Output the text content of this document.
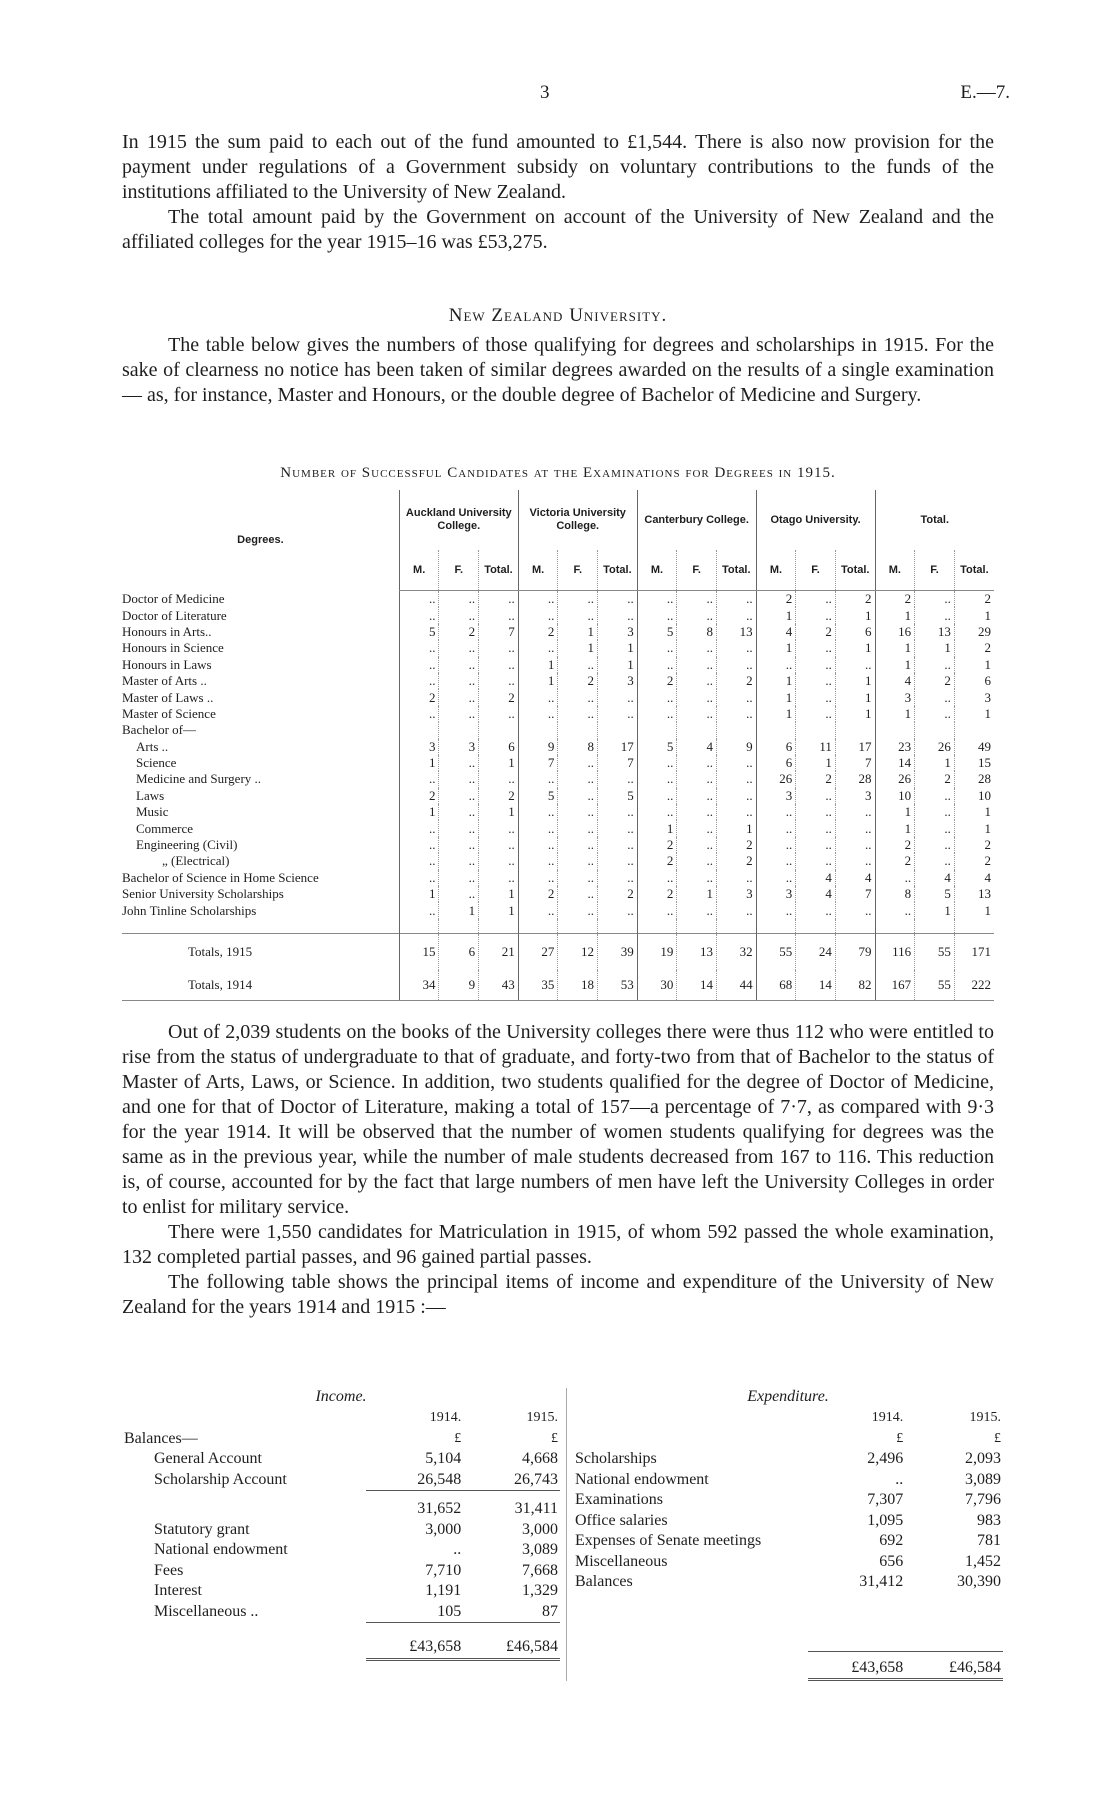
3	E.—7.

In 1915 the sum paid to each out of the fund amounted to £1,544. There is also now provision for the payment under regulations of a Government subsidy on voluntary contributions to the funds of the institutions affiliated to the University of New Zealand.

The total amount paid by the Government on account of the University of New Zealand and the affiliated colleges for the year 1915–16 was £53,275.

New Zealand University.

The table below gives the numbers of those qualifying for degrees and scholarships in 1915. For the sake of clearness no notice has been taken of similar degrees awarded on the results of a single examination — as, for instance, Master and Honours, or the double degree of Bachelor of Medicine and Surgery.

Number of Successful Candidates at the Examinations for Degrees in 1915.
Degrees.	Auckland University College.			Victoria University College.			Canterbury College.			Otago University.			Total.		
	M.	F.	Total.	M.	F.	Total.	M.	F.	Total.	M.	F.	Total.	M.	F.	Total.
Doctor of Medicine	..	..	..	..	..	..	..	..	..	2	..	2	2	..	2
Doctor of Literature	..	..	..	..	..	..	..	..	..	1	..	1	1	..	1
Honours in Arts..	5	2	7	2	1	3	5	8	13	4	2	6	16	13	29
Honours in Science	..	..	..	..	1	1	..	..	..	1	..	1	1	1	2
Honours in Laws	..	..	..	1	..	1	..	..	..	..	..	..	1	..	1
Master of Arts ..	..	..	..	1	2	3	2	..	2	1	..	1	4	2	6
Master of Laws ..	2	..	2	..	..	..	..	..	..	1	..	1	3	..	3
Master of Science	..	..	..	..	..	..	..	..	..	1	..	1	1	..	1
Bachelor of—															
Arts ..	3	3	6	9	8	17	5	4	9	6	11	17	23	26	49
Science	1	..	1	7	..	7	..	..	..	6	1	7	14	1	15
Medicine and Surgery ..	..	..	..	..	..	..	..	..	..	26	2	28	26	2	28
Laws	2	..	2	5	..	5	..	..	..	3	..	3	10	..	10
Music	1	..	1	..	..	..	..	..	..	..	..	..	1	..	1
Commerce	..	..	..	..	..	..	1	..	1	..	..	..	1	..	1
Engineering (Civil)	..	..	..	..	..	..	2	..	2	..	..	..	2	..	2
„ (Electrical)	..	..	..	..	..	..	2	..	2	..	..	..	2	..	2
Bachelor of Science in Home Science	..	..	..	..	..	..	..	..	..	..	4	4	..	4	4
Senior University Scholarships	1	..	1	2	..	2	2	1	3	3	4	7	8	5	13
John Tinline Scholarships	..	1	1	..	..	..	..	..	..	..	..	..	..	1	1

Totals, 1915	15	6	21	27	12	39	19	13	32	55	24	79	116	55	171
Totals, 1914	34	9	43	35	18	53	30	14	44	68	14	82	167	55	222

Out of 2,039 students on the books of the University colleges there were thus 112 who were entitled to rise from the status of undergraduate to that of graduate, and forty-two from that of Bachelor to the status of Master of Arts, Laws, or Science. In addition, two students qualified for the degree of Doctor of Medicine, and one for that of Doctor of Literature, making a total of 157—a percentage of 7·7, as compared with 9·3 for the year 1914. It will be observed that the number of women students qualifying for degrees was the same as in the previous year, while the number of male students decreased from 167 to 116. This reduction is, of course, accounted for by the fact that large numbers of men have left the University Colleges in order to enlist for military service.

There were 1,550 candidates for Matriculation in 1915, of whom 592 passed the whole examination, 132 completed partial passes, and 96 gained partial passes.

The following table shows the principal items of income and expenditure of the University of New Zealand for the years 1914 and 1915 :—

Income.
	1914.	1915.
Balances—	£	£
General Account	5,104	4,668
Scholarship Account	26,548	26,743

	31,652	31,411
Statutory grant	3,000	3,000
National endowment	..	3,089
Fees	7,710	7,668
Interest	1,191	1,329
Miscellaneous ..	105	87

	£43,658	£46,584
Expenditure.
	1914.	1915.
	£	£
Scholarships	2,496	2,093
National endowment	..	3,089
Examinations	7,307	7,796
Office salaries	1,095	983
Expenses of Senate meetings	692	781
Miscellaneous	656	1,452
Balances	31,412	30,390

	£43,658	£46,584
